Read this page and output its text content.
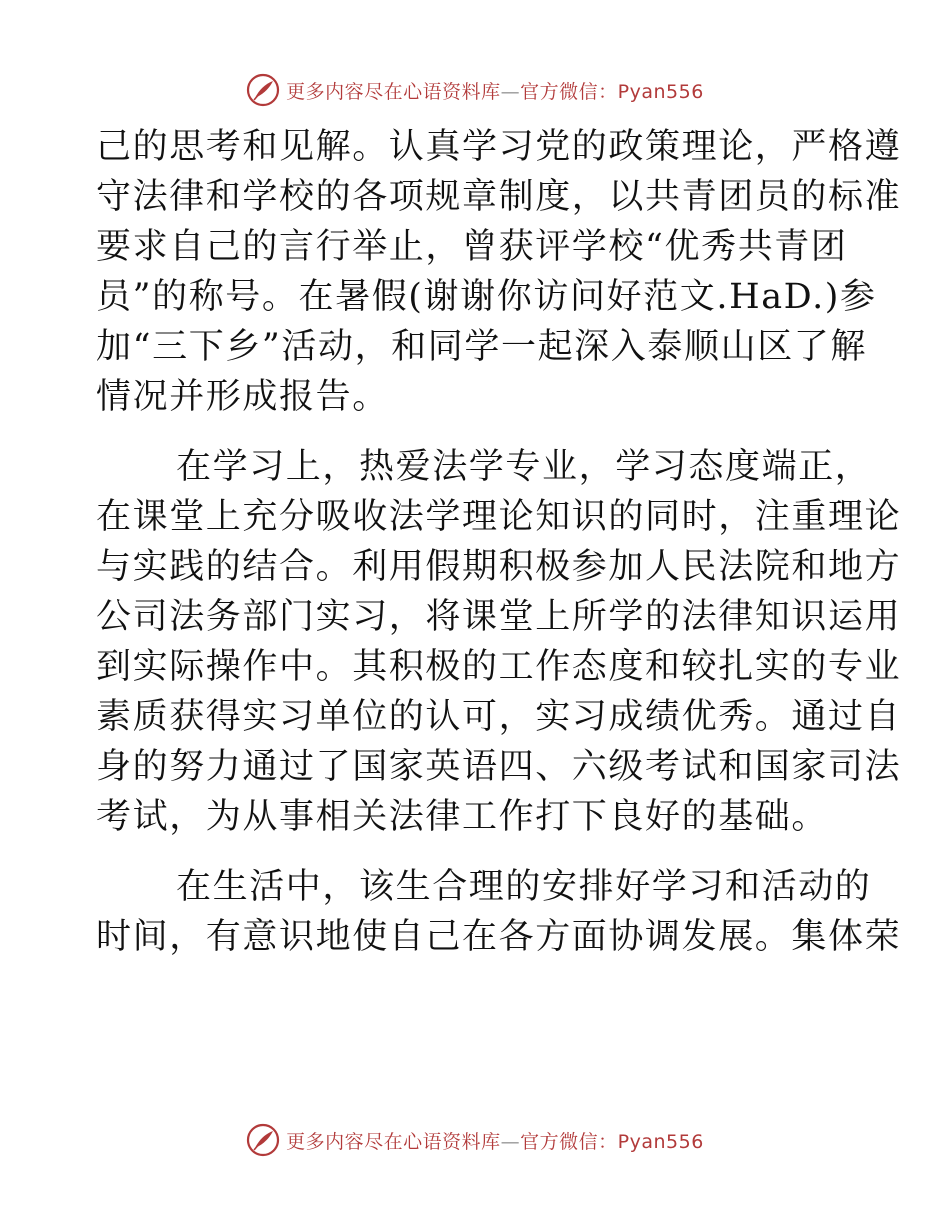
更多内容尽在心语资料库—官方微信：Pyan556
己的思考和见解。认真学习党的政策理论，严格遵
守法律和学校的各项规章制度，以共青团员的标准
要求自己的言行举止，曾获评学校“优秀共青团
员”的称号。在暑假(谢谢你访问好范文.HaD.)参
加“三下乡”活动，和同学一起深入泰顺山区了解
情况并形成报告。
在学习上，热爱法学专业，学习态度端正，
在课堂上充分吸收法学理论知识的同时，注重理论
与实践的结合。利用假期积极参加人民法院和地方
公司法务部门实习，将课堂上所学的法律知识运用
到实际操作中。其积极的工作态度和较扎实的专业
素质获得实习单位的认可，实习成绩优秀。通过自
身的努力通过了国家英语四、六级考试和国家司法
考试，为从事相关法律工作打下良好的基础。
在生活中，该生合理的安排好学习和活动的
时间，有意识地使自己在各方面协调发展。集体荣
更多内容尽在心语资料库—官方微信：Pyan556
